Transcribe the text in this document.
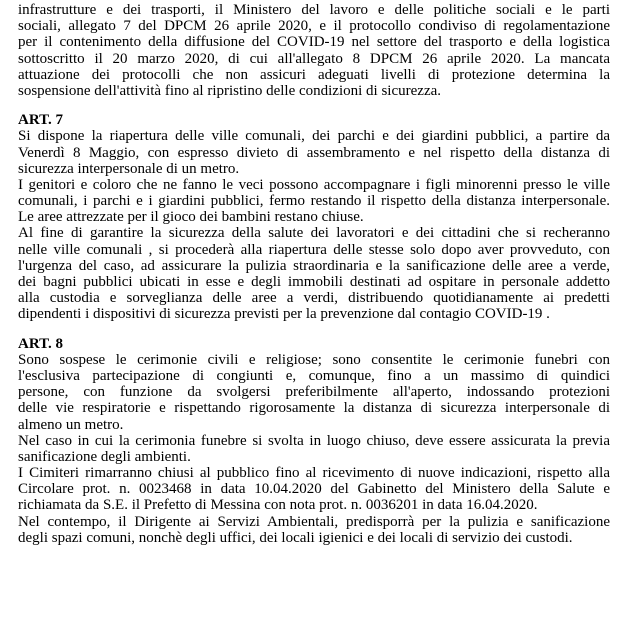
infrastrutture e dei trasporti, il Ministero del lavoro e delle politiche sociali e le parti
sociali, allegato 7 del DPCM 26 aprile 2020, e il protocollo condiviso di regolamentazione
per il contenimento della diffusione del COVID-19 nel settore del trasporto e della logistica
sottoscritto il 20 marzo 2020, di cui all'allegato 8 DPCM 26 aprile 2020. La mancata
attuazione dei protocolli che non assicuri adeguati livelli di protezione determina la
sospensione dell'attività fino al ripristino delle condizioni di sicurezza.
ART. 7
Si dispone la riapertura delle ville comunali, dei parchi e dei giardini pubblici, a partire da
Venerdì 8 Maggio, con espresso divieto di assembramento e nel rispetto della distanza di
sicurezza interpersonale di un metro.
I genitori e coloro che ne fanno le veci possono accompagnare i figli minorenni presso le ville
comunali, i parchi e i giardini pubblici, fermo restando il rispetto della distanza interpersonale.
Le aree attrezzate per il gioco dei bambini restano chiuse.
Al fine di garantire la sicurezza della salute dei lavoratori e dei cittadini che si recheranno
nelle ville comunali , si procederà alla riapertura delle stesse solo dopo aver provveduto, con
l'urgenza del caso, ad assicurare la pulizia straordinaria e la sanificazione delle aree a verde,
dei bagni pubblici ubicati in esse e degli immobili destinati ad ospitare in personale addetto
alla custodia e sorveglianza delle aree a verdi, distribuendo quotidianamente ai predetti
dipendenti i dispositivi di sicurezza previsti per la prevenzione dal contagio COVID-19 .
ART. 8
Sono sospese le cerimonie civili e religiose; sono consentite le cerimonie funebri con
l'esclusiva partecipazione di congiunti e, comunque, fino a un massimo di quindici
persone, con funzione da svolgersi preferibilmente all'aperto, indossando protezioni
delle vie respiratorie e rispettando rigorosamente la distanza di sicurezza interpersonale di
almeno un metro.
Nel caso in cui la cerimonia funebre si svolta in luogo chiuso, deve essere assicurata la previa
sanificazione degli ambienti.
I Cimiteri rimarranno chiusi al pubblico fino al ricevimento di nuove indicazioni, rispetto alla
Circolare prot. n. 0023468 in data 10.04.2020 del Gabinetto del Ministero della Salute e
richiamata da S.E. il Prefetto di Messina con nota prot. n. 0036201 in data 16.04.2020.
Nel contempo, il Dirigente ai Servizi Ambientali, predisporrà per la pulizia e sanificazione
degli spazi comuni, nonchè degli uffici, dei locali igienici e dei locali di servizio dei custodi.
